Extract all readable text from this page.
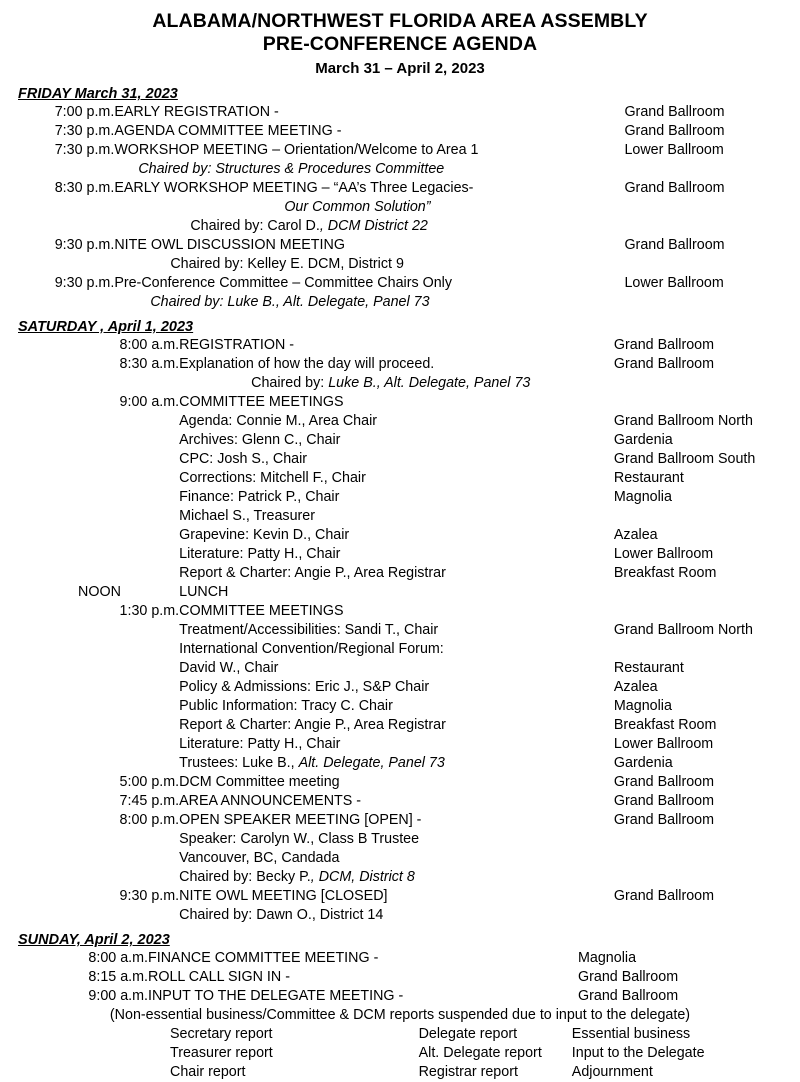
ALABAMA/NORTHWEST FLORIDA AREA ASSEMBLY
PRE-CONFERENCE AGENDA
March 31 – April 2, 2023
FRIDAY March 31, 2023
7:00 p.m.	EARLY REGISTRATION -	Grand Ballroom
7:30 p.m.	AGENDA COMMITTEE MEETING -	Grand Ballroom
7:30 p.m.	WORKSHOP MEETING – Orientation/Welcome to Area 1	Lower Ballroom
	Chaired by: Structures & Procedures Committee	
8:30 p.m.	EARLY WORKSHOP MEETING – “AA’s Three Legacies-	Grand Ballroom
	Our Common Solution”	
	Chaired by: Carol D., DCM District 22	
9:30 p.m.	NITE OWL DISCUSSION MEETING	Grand Ballroom
	Chaired by: Kelley E. DCM, District 9	
9:30 p.m.	Pre-Conference Committee – Committee Chairs Only	Lower Ballroom
	Chaired by: Luke B., Alt. Delegate, Panel 73	
SATURDAY , April 1, 2023
8:00 a.m.	REGISTRATION -	Grand Ballroom
8:30 a.m.	Explanation of how the day will proceed.	Grand Ballroom
	Chaired by: Luke B., Alt. Delegate, Panel 73	
9:00 a.m.	COMMITTEE MEETINGS	
	Agenda: Connie M., Area Chair	Grand Ballroom North
	Archives: Glenn C., Chair	Gardenia
	CPC: Josh S., Chair	Grand Ballroom South
	Corrections: Mitchell F., Chair	Restaurant
	Finance: Patrick P., Chair	Magnolia
	Michael S., Treasurer	
	Grapevine: Kevin D., Chair	Azalea
	Literature: Patty H., Chair	Lower Ballroom
	Report & Charter: Angie P., Area Registrar	Breakfast Room
NOON	LUNCH	
1:30 p.m.	COMMITTEE MEETINGS	
	Treatment/Accessibilities: Sandi T., Chair	Grand Ballroom North
	International Convention/Regional Forum:	
	David W., Chair	Restaurant
	Policy & Admissions: Eric J., S&P Chair	Azalea
	Public Information: Tracy C. Chair	Magnolia
	Report & Charter: Angie P., Area Registrar	Breakfast Room
	Literature: Patty H., Chair	Lower Ballroom
	Trustees: Luke B., Alt. Delegate, Panel 73	Gardenia
5:00 p.m.	DCM Committee meeting	Grand Ballroom
7:45 p.m.	AREA ANNOUNCEMENTS -	Grand Ballroom
8:00 p.m.	OPEN SPEAKER MEETING [OPEN] -	Grand Ballroom
	Speaker: Carolyn W., Class B Trustee	
	Vancouver, BC, Candada	
	Chaired by: Becky P., DCM, District 8	
9:30 p.m.	NITE OWL MEETING [CLOSED]	Grand Ballroom
	Chaired by: Dawn O., District 14	
SUNDAY, April 2, 2023
8:00 a.m.	FINANCE COMMITTEE MEETING -	Magnolia
8:15 a.m.	ROLL CALL SIGN IN -	Grand Ballroom
9:00 a.m.	INPUT TO THE DELEGATE MEETING -	Grand Ballroom
(Non-essential business/Committee & DCM reports suspended due to input to the delegate)		
Secretary report	Delegate report	Essential business
Treasurer report	Alt. Delegate report	Input to the Delegate
Chair report	Registrar report	Adjournment
